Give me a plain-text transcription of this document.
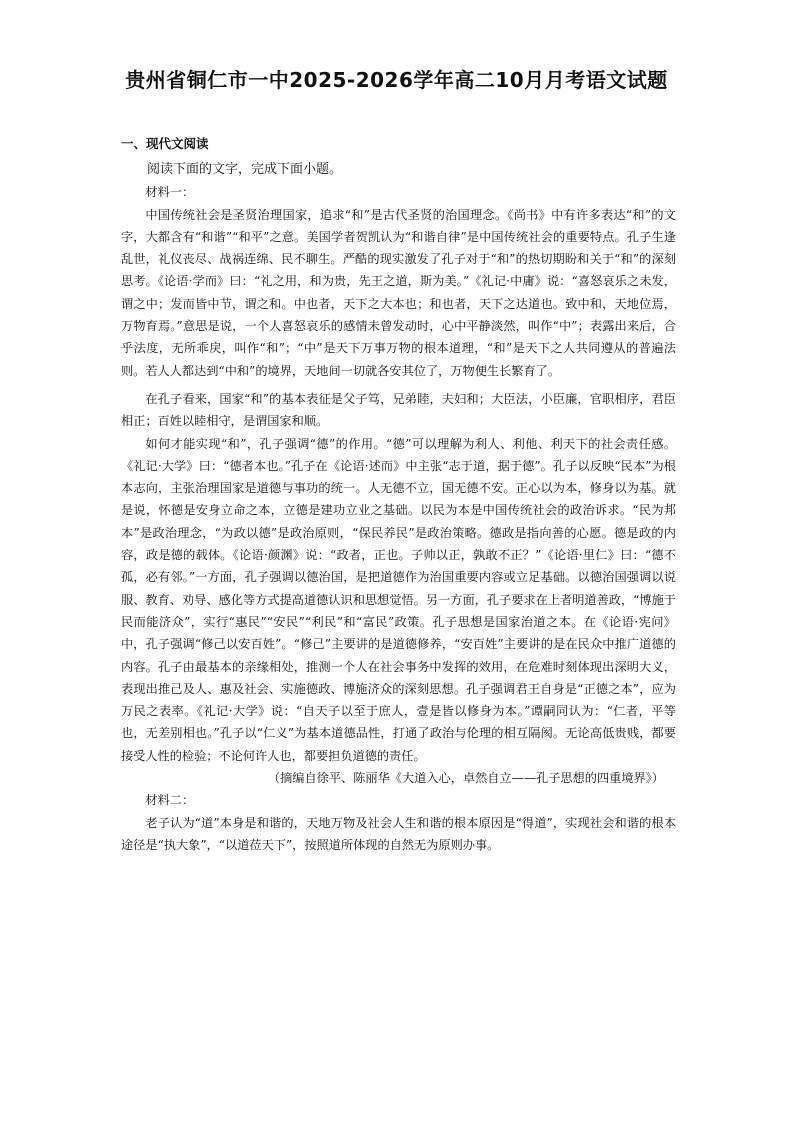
贵州省铜仁市一中2025-2026学年高二10月月考语文试题
一、现代文阅读

阅读下面的文字，完成下面小题。

材料一：

中国传统社会是圣贤治理国家，追求“和”是古代圣贤的治国理念。《尚书》中有许多表达“和”的文字，大都含有“和谐”“和平”之意。美国学者贺凯认为“和谐自律”是中国传统社会的重要特点。孔子生逢乱世，礼仪丧尽、战祸连绵、民不聊生。严酷的现实激发了孔子对于“和”的热切期盼和关于“和”的深刻思考。《论语·学而》曰：“礼之用，和为贵，先王之道，斯为美。”《礼记·中庸》说：“喜怒哀乐之未发，谓之中；发而皆中节，谓之和。中也者，天下之大本也；和也者，天下之达道也。致中和，天地位焉，万物育焉。”意思是说，一个人喜怒哀乐的感情未曾发动时，心中平静淡然，叫作“中”；表露出来后，合乎法度，无所乖戾，叫作“和”；“中”是天下万事万物的根本道理，“和”是天下之人共同遵从的普遍法则。若人人都达到“中和”的境界，天地间一切就各安其位了，万物便生长繁育了。

在孔子看来，国家“和”的基本表征是父子笃，兄弟睦，夫妇和；大臣法，小臣廉，官职相序，君臣相正；百姓以睦相守，是谓国家和顺。

如何才能实现“和”，孔子强调“德”的作用。“德”可以理解为利人、利他、利天下的社会责任感。《礼记·大学》曰：“德者本也。”孔子在《论语·述而》中主张“志于道，据于德”。孔子以反映“民本”为根本志向，主张治理国家是道德与事功的统一。人无德不立，国无德不安。正心以为本，修身以为基。就是说，怀德是安身立命之本，立德是建功立业之基础。以民为本是中国传统社会的政治诉求。“民为邦本”是政治理念，“为政以德”是政治原则，“保民养民”是政治策略。德政是指向善的心愿。德是政的内容，政是德的载体。《论语·颜渊》说：“政者，正也。子帅以正，孰敢不正？”《论语·里仁》曰：“德不孤，必有邻。”一方面，孔子强调以德治国，是把道德作为治国重要内容或立足基础。以德治国强调以说服、教育、劝导、感化等方式提高道德认识和思想觉悟。另一方面，孔子要求在上者明道善政，“博施于民而能济众”，实行“惠民”“安民”“利民”和“富民”政策。孔子思想是国家治道之本。在《论语·宪问》中，孔子强调“修己以安百姓”。“修己”主要讲的是道德修养，“安百姓”主要讲的是在民众中推广道德的内容。孔子由最基本的亲缘相处，推测一个人在社会事务中发挥的效用，在危难时刻体现出深明大义，表现出推己及人、惠及社会、实施德政、博施济众的深刻思想。孔子强调君王自身是“正德之本”，应为万民之表率。《礼记·大学》说：“自天子以至于庶人，壹是皆以修身为本。”谭嗣同认为：“仁者，平等也，无差别相也。”孔子以“仁义”为基本道德品性，打通了政治与伦理的相互隔阂。无论高低贵贱，都要接受人性的检验；不论何许人也，都要担负道德的责任。

（摘编自徐平、陈丽华《大道入心，卓然自立——孔子思想的四重境界》）

材料二：

老子认为“道”本身是和谐的，天地万物及社会人生和谐的根本原因是“得道”，实现社会和谐的根本途径是“执大象”，“以道莅天下”，按照道所体现的自然无为原则办事。
